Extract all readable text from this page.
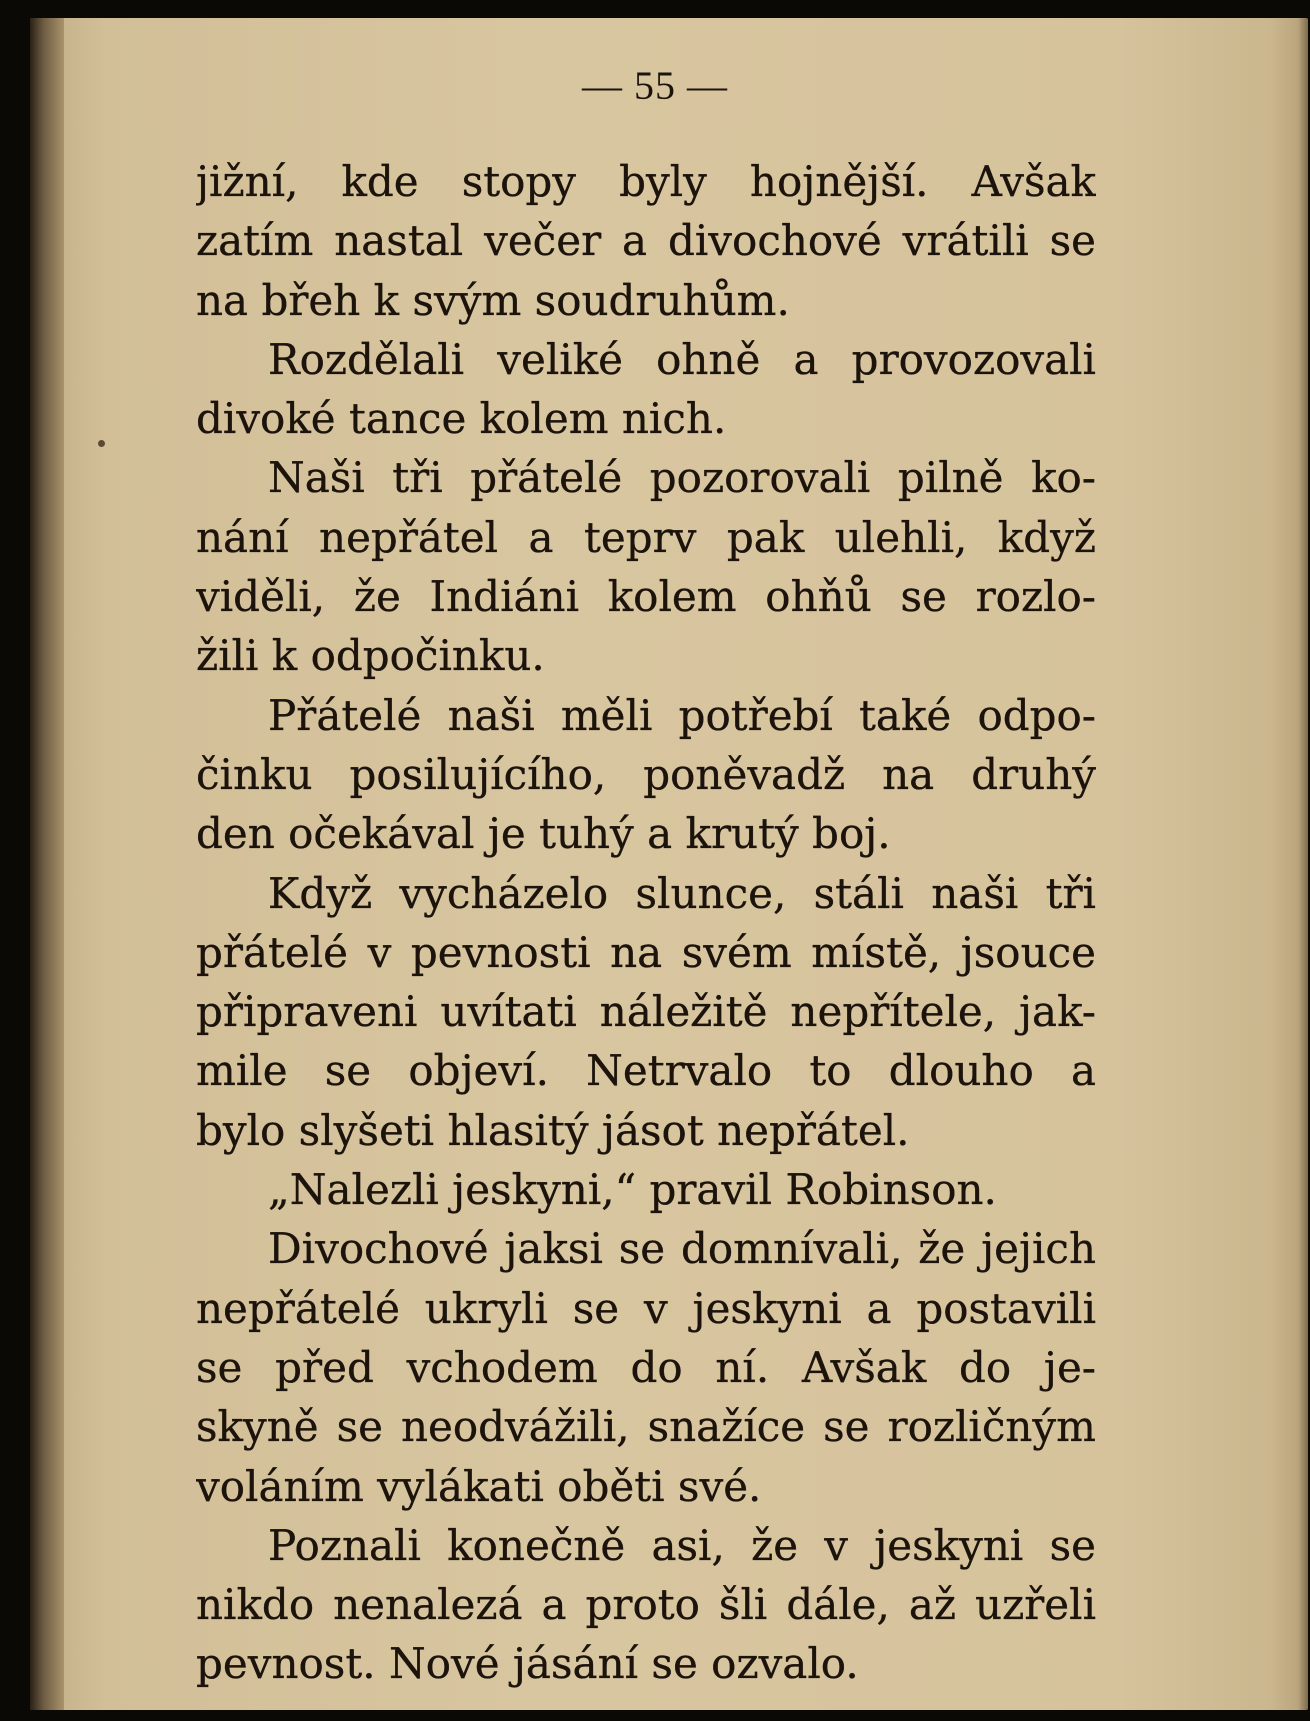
— 55 —
jižní, kde stopy byly hojnější. Avšak
zatím nastal večer a divochové vrátili se
na břeh k svým soudruhům.
Rozdělali veliké ohně a provozovali
divoké tance kolem nich.
Naši tři přátelé pozorovali pilně ko-
nání nepřátel a teprv pak ulehli, když
viděli, že Indiáni kolem ohňů se rozlo-
žili k odpočinku.
Přátelé naši měli potřebí také odpo-
činku posilujícího, poněvadž na druhý
den očekával je tuhý a krutý boj.
Když vycházelo slunce, stáli naši tři
přátelé v pevnosti na svém místě, jsouce
připraveni uvítati náležitě nepřítele, jak-
mile se objeví. Netrvalo to dlouho a
bylo slyšeti hlasitý jásot nepřátel.
„Nalezli jeskyni,“ pravil Robinson.
Divochové jaksi se domnívali, že jejich
nepřátelé ukryli se v jeskyni a postavili
se před vchodem do ní. Avšak do je-
skyně se neodvážili, snažíce se rozličným
voláním vylákati oběti své.
Poznali konečně asi, že v jeskyni se
nikdo nenalezá a proto šli dále, až uzřeli
pevnost. Nové jásání se ozvalo.
